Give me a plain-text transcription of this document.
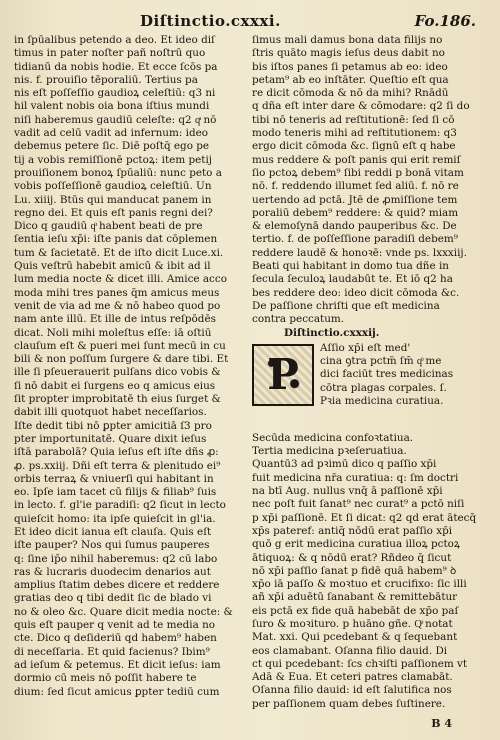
Diſtinctio.cxxxi.	Fo.186.
in ſpūalibus petendo a deo. Et ideo diſ
timus in pater noſter pañ noſtrū quo
tidianū da nobis hodie. Et ecce ſcōs pa
nis. f. prouiſio tēporaliū. Tertius pa
nis eſt poſſeſſio gaudioꝝ celeſtiū: q3 ni
hil valent nobis oia bona iſtius mundi
niſi haberemus gaudiū celeſte: q2 qͣ nō
vadit ad celū vadit ad infernum: ideo
debemus petere ſic. Diē poſtq̄ ego pe
tij a vobis remiſſionē pctoꝝ: item petij
prouiſionem bonoꝝ ſpūaliū: nunc peto a
vobis poſſeſſionē gaudioꝝ celeſtiū. Un
Lu. xiiij. Btūs qui manducat panem in
regno dei. Et quis eſt panis regni dei?
Dico q gaudiū qͦ habent beati de pre
ſentia ieſu xp̄i: iſte panis dat cōplemen
tum & ſacietatē. Et de iſto dicit Luce.xi.
Quis veſtrū habebit amicū & ibit ad il
lum media nocte & dicet illi. Amice acco
moda mihi tres panes q̄m amicus meus
venit de via ad me & nō habeo quod po
nam ante illū. Et ille de intus reſpōdēs
dicat. Noli mihi moleſtus eſſe: iā oſtiū
clauſum eſt & pueri mei ſunt mecū in cu
bili & non poſſum ſurgere & dare tibi. Et
ille ſi pſeuerauerit pulſans dico vobis &
ſi nō dabit ei ſurgens eo q amicus eius
ſit propter improbitatē th eius ſurget &
dabit illi quotquot habet neceſſarios.
Iſte dedit tibi nō ꝑpter amicitiā ſ3 pro
pter importunitatē. Quare dixit ieſus
iſtā parabolā? Quia ieſus eſt iſte dñs ꝓ:
ꝓ. ps.xxiij. Dñi eſt terra & plenitudo ei⁹
orbis terraꝝ & vniuerſi qui habitant in
eo. Ipſe iam tacet cū filijs & filiab⁹ ſuis
in lecto. f. gl'ie paradiſi: q2 ſicut in lecto
quieſcit homo: ita ipſe quieſcit in gl'ia.
Et ideo dicit ianua eſt clauſa. Quis eſt
iſte pauper? Nos qui ſumus pauperes
q: ſine ip̄o nihil haberemus: q2 cū labo
ras & lucraris duodecim denarios aut
amplius ſtatim debes dicere et reddere
gratias deo q tibi dedit ſic de blado vi
no & oleo &c. Quare dicit media nocte: &
quis eſt pauper q venit ad te media no
cte. Dico q deſideriū qd habem⁹ haben
di neceſſaria. Et quid facienus? Ibim⁹
ad ieſum & petemus. Et dicit ieſus: iam
dormio cū meis nō poſſit habere te
dium: ſed ſicut amicus ꝑpter tediū cum
ſimus mali damus bona data filijs no
ſtris quāto magis ieſus deus dabit no
bis iſtos panes ſi petamus ab eo: ideo
petam⁹ ab eo inſtāter. Queſtio eſt qua
re dicit cōmoda & nō da mihi? Rnādū
q dña eſt inter dare & cōmodare: q2 ſi do
tibi nō teneris ad reſtitutionē: ſed ſi cō
modo teneris mihi ad reſtitutionem: q3
ergo dicit cōmoda &c. ſignū eſt q habe
mus reddere & poſt panis qui erit remiſ
ſio pctoꝝ debem⁹ ſibi reddi p bonā vitam
nō. f. reddendo illumet ſed aliū. f. nō re
uertendo ad pctā. Jtē de ꝓmiſſione tem
poraliū debem⁹ reddere: & quid? miam
& elemoſynā dando pauperibus &c. De
tertio. f. de poſſeſſione paradiſi debem⁹
reddere laudē & honoꝛē: vnde ps. lxxxiij.
Beati qui habitant in domo tua dñe in
ſecula ſeculoꝝ laudabūt te. Et iō q2 ha
bes reddere deo: ideo dicit cōmoda &c.
De paſſione chriſti que eſt medicina
contra peccatum.
Diſtinctio.cxxxij.
P
Aſſio xp̄i eſt med'
cina ꝯtra pctm̄ ſm̄ qͦ me
dici faciūt tres medicinas
cōtra plagas corpales. ſ.
Pꝛia medicina curatiua.
Secūda medicina confoꝛtatiua.
Tertia medicina pꝛeſeruatiua.
Quantū3 ad pꝛimū dico q paſſio xp̄i
fuit medicina nr̄a curatiua: q: ſm doctri
na btī Aug. nullus vnq̄ ā paſſionē xp̄i
nec poſt fuit ſanat⁹ nec curat⁹ a pctō niſi
p xp̄i paſſionē. Et ſi dicat: q2 qd erat ātecq̄
xp̄s pateref: antiq̄ nōdū erat paſſio xp̄i
quō g erit medicina curatiua illoꝝ pctoꝝ
ātiquoꝝ: & q nōdū erat? Rñdeo q̄ ſicut
nō xp̄i paſſio ſanat p fidē quā habem⁹ ꝺ
xp̄o iā paſſo & moꝛtuo et crucifixo: ſic illi
añ xp̄i aduētū ſanabant & remittebātur
eis pctā ex fide quā habebāt de xp̄o paſ
ſuro & moꝛituro. p huāno gñe. Qͦ notat
Mat. xxi. Qui pcedebant & q ſequebant
eos clamabant. Oſanna filio dauid. Di
ct qui pcedebant: ſcs chꝛiſti paſſionem vt
Adā & Eua. Et ceteri patres clamabāt.
Oſanna filio dauid: id eſt ſalutifica nos
per paſſionem quam debes ſuſtinere.
B 4
